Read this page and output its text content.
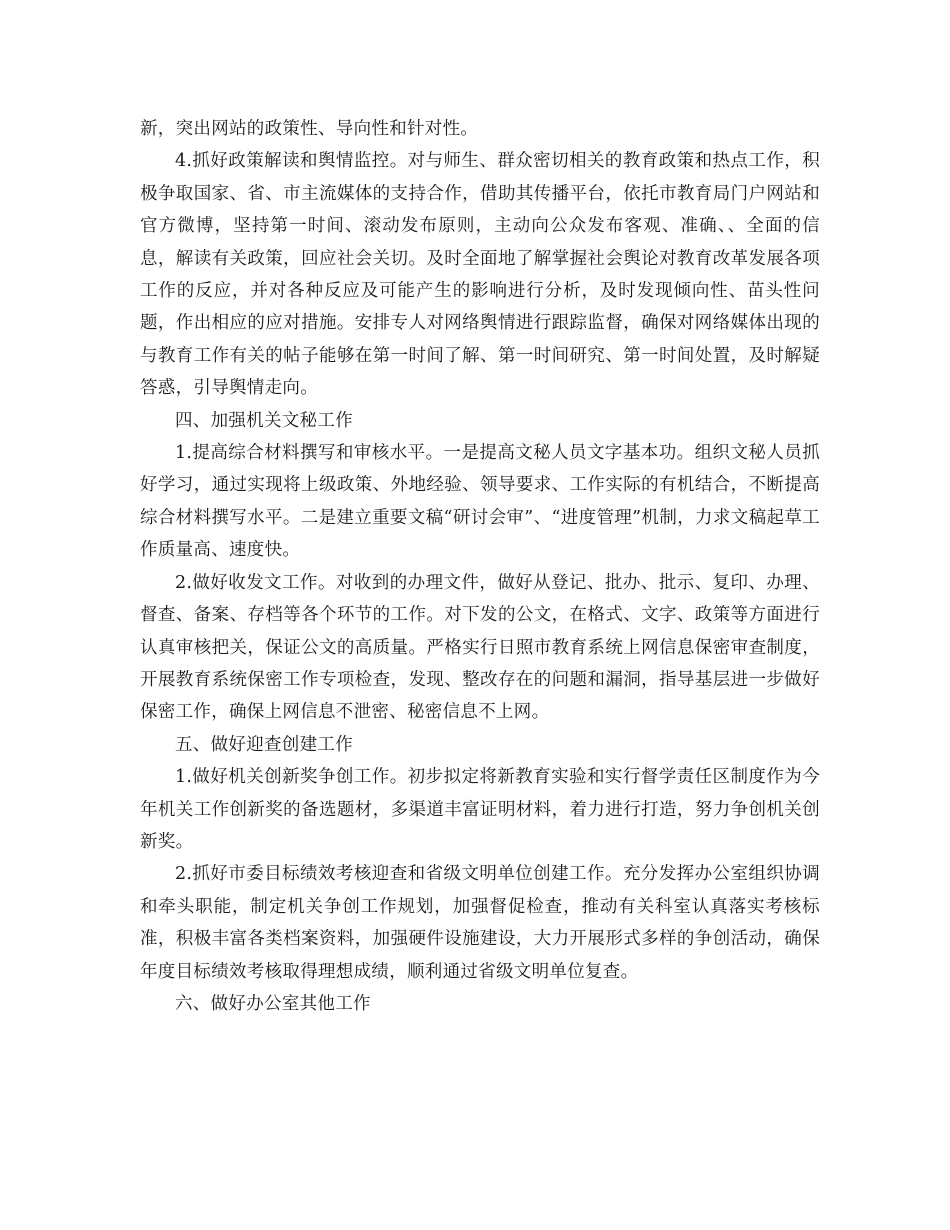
新，突出网站的政策性、导向性和针对性。

4.抓好政策解读和舆情监控。对与师生、群众密切相关的教育政策和热点工作，积极争取国家、省、市主流媒体的支持合作，借助其传播平台，依托市教育局门户网站和官方微博，坚持第一时间、滚动发布原则，主动向公众发布客观、准确、、全面的信息，解读有关政策，回应社会关切。及时全面地了解掌握社会舆论对教育改革发展各项工作的反应，并对各种反应及可能产生的影响进行分析，及时发现倾向性、苗头性问题，作出相应的应对措施。安排专人对网络舆情进行跟踪监督，确保对网络媒体出现的与教育工作有关的帖子能够在第一时间了解、第一时间研究、第一时间处置，及时解疑答惑，引导舆情走向。

四、加强机关文秘工作

1.提高综合材料撰写和审核水平。一是提高文秘人员文字基本功。组织文秘人员抓好学习，通过实现将上级政策、外地经验、领导要求、工作实际的有机结合，不断提高综合材料撰写水平。二是建立重要文稿“研讨会审”、“进度管理”机制，力求文稿起草工作质量高、速度快。

2.做好收发文工作。对收到的办理文件，做好从登记、批办、批示、复印、办理、督查、备案、存档等各个环节的工作。对下发的公文，在格式、文字、政策等方面进行认真审核把关，保证公文的高质量。严格实行日照市教育系统上网信息保密审查制度，开展教育系统保密工作专项检查，发现、整改存在的问题和漏洞，指导基层进一步做好保密工作，确保上网信息不泄密、秘密信息不上网。

五、做好迎查创建工作

1.做好机关创新奖争创工作。初步拟定将新教育实验和实行督学责任区制度作为今年机关工作创新奖的备选题材，多渠道丰富证明材料，着力进行打造，努力争创机关创新奖。

2.抓好市委目标绩效考核迎查和省级文明单位创建工作。充分发挥办公室组织协调和牵头职能，制定机关争创工作规划，加强督促检查，推动有关科室认真落实考核标准，积极丰富各类档案资料，加强硬件设施建设，大力开展形式多样的争创活动，确保年度目标绩效考核取得理想成绩，顺利通过省级文明单位复查。

六、做好办公室其他工作
